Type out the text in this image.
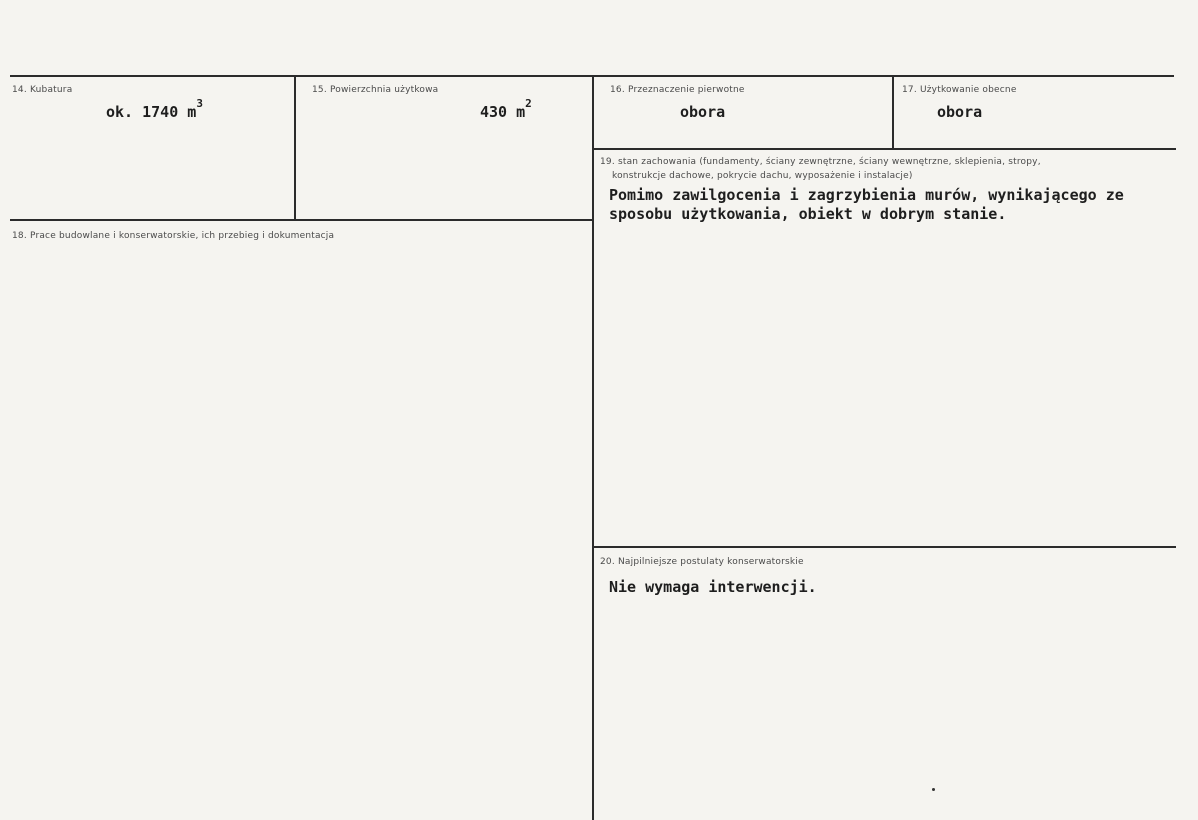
14. Kubatura
ok. 1740 $m^3$
15. Powierzchnia użytkowa
430 $m^2$
16. Przeznaczenie pierwotne
obora
17. Użytkowanie obecne
obora
18. Prace budowlane i konserwatorskie, ich przebieg i dokumentacja
19. stan zachowania (fundamenty, ściany zewnętrzne, ściany wewnętrzne, sklepienia, stropy,
konstrukcje dachowe, pokrycie dachu, wyposażenie i instalacje)
Pomimo zawilgocenia i zagrzybienia murów, wynikającego ze
sposobu użytkowania, obiekt w dobrym stanie.
20. Najpilniejsze postulaty konserwatorskie
Nie wymaga interwencji.
